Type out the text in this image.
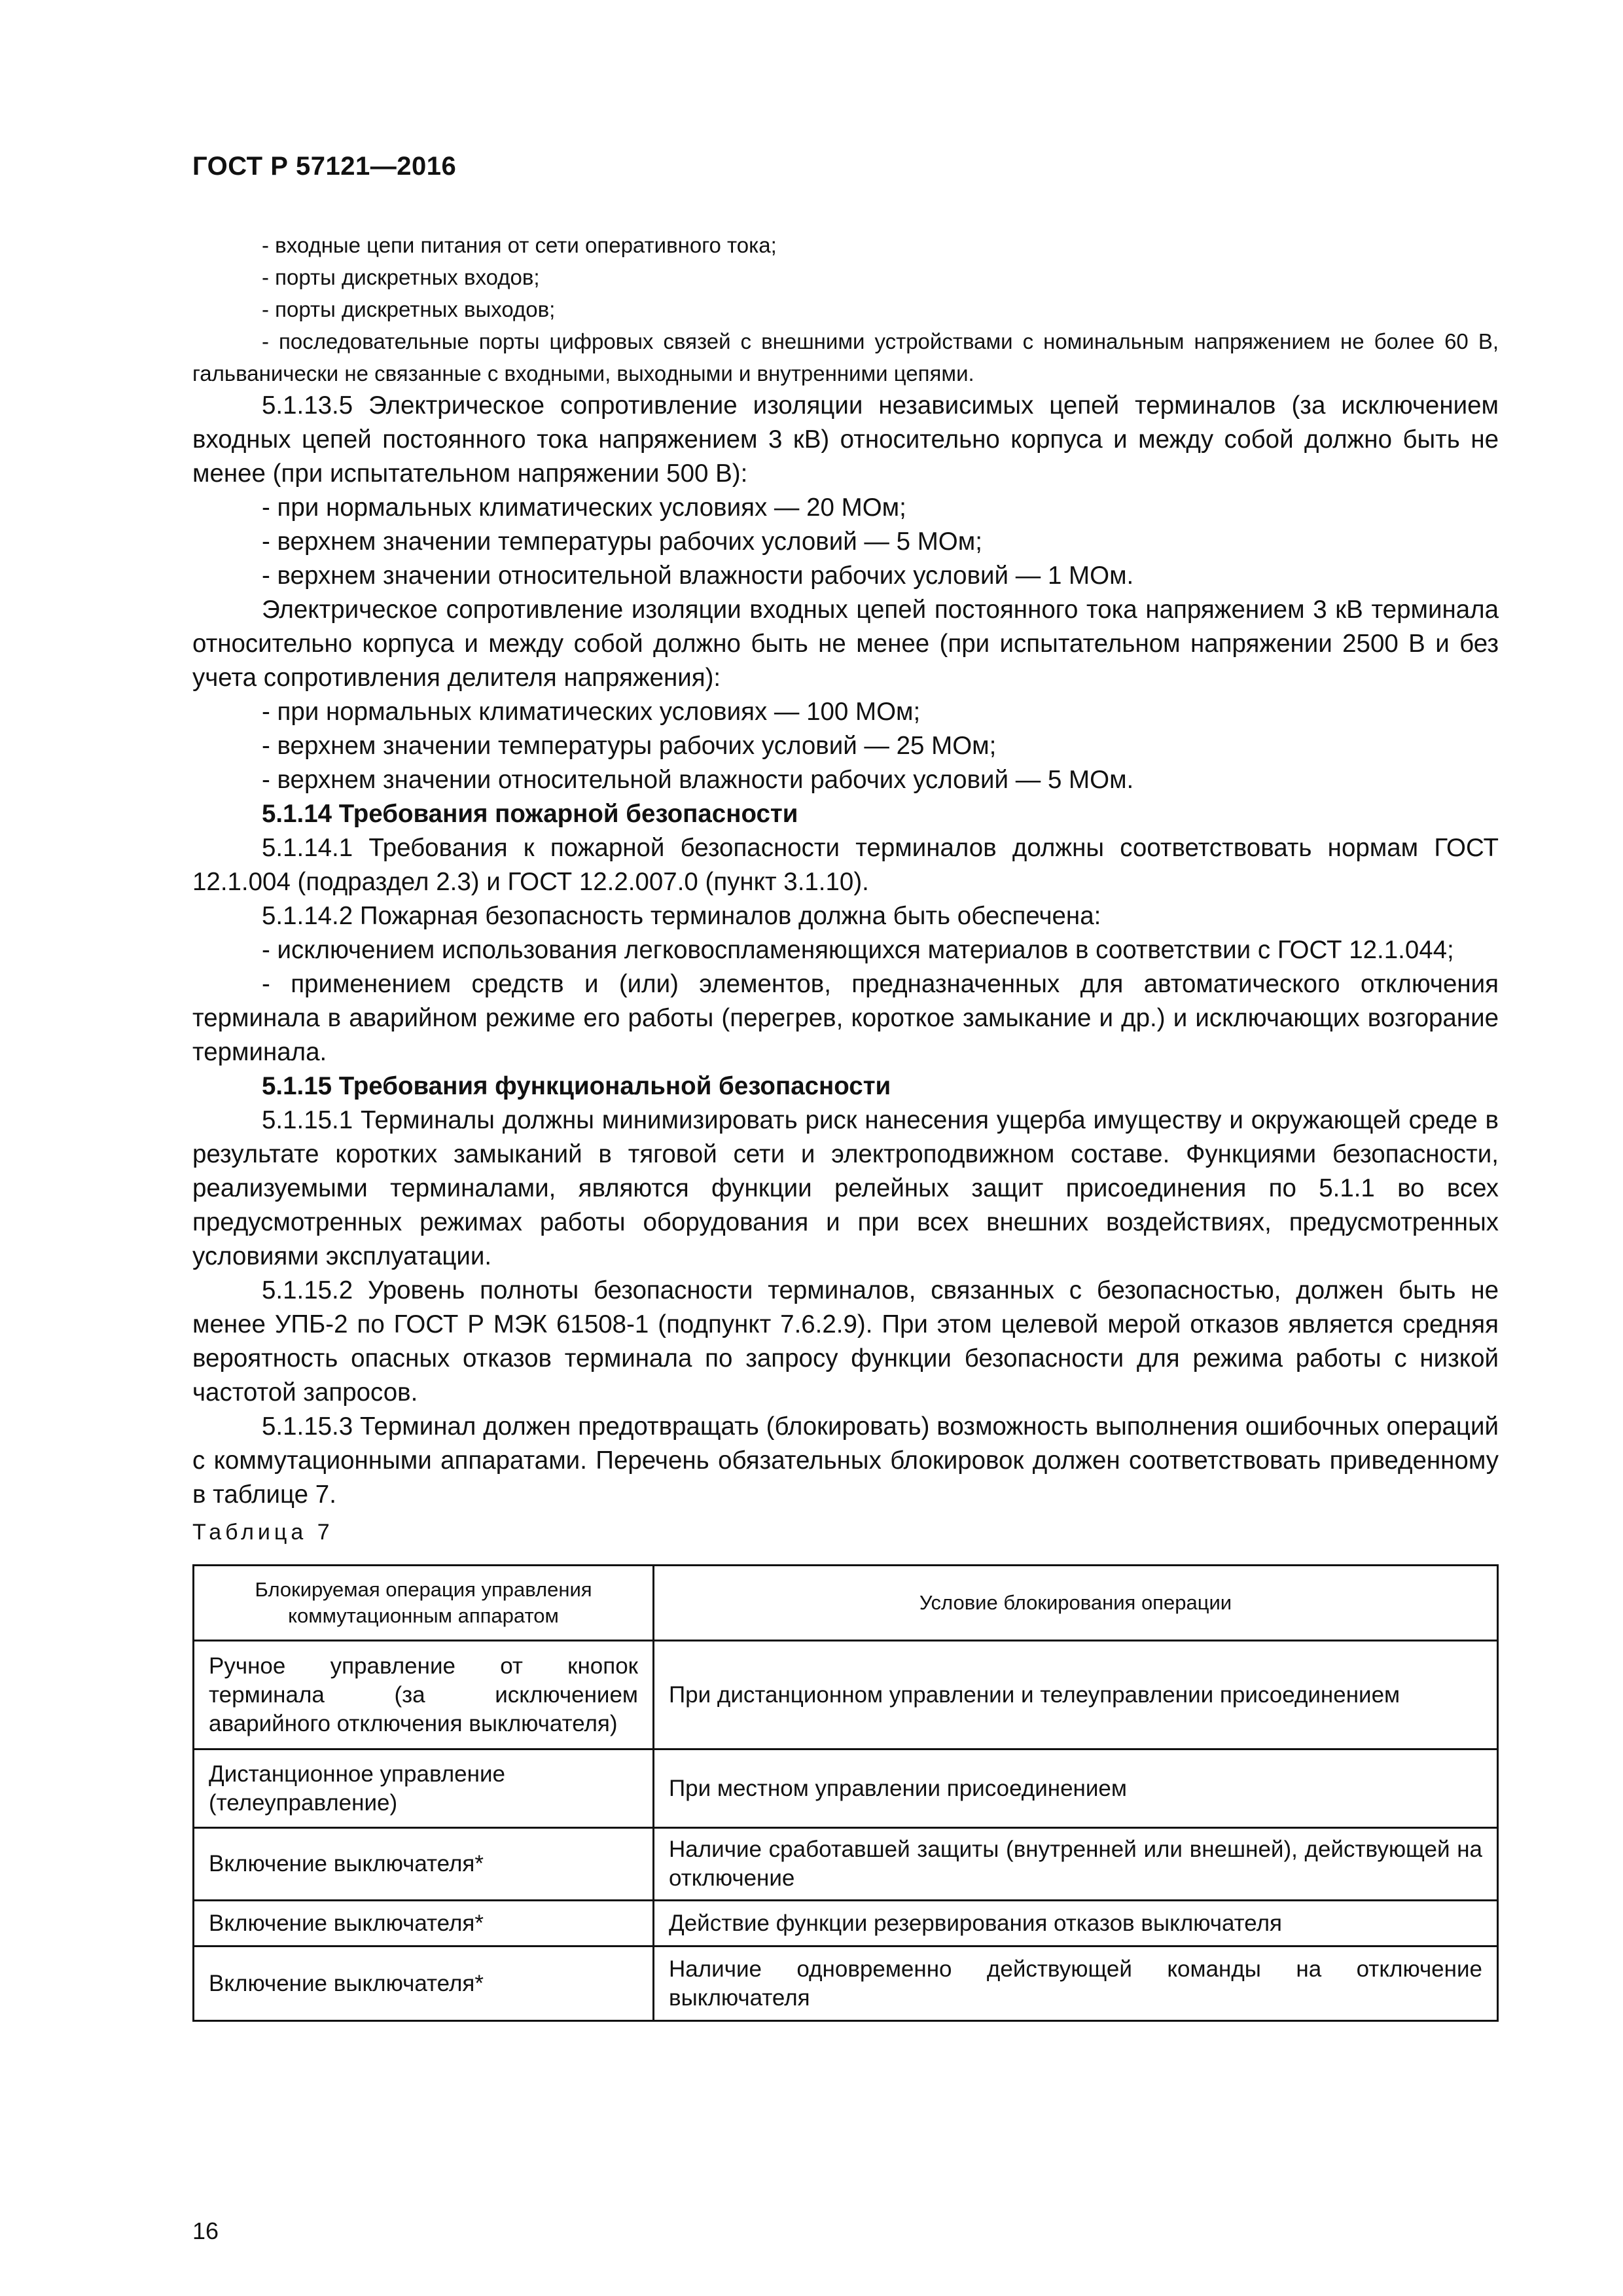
ГОСТ Р 57121—2016

- входные цепи питания от сети оперативного тока;

- порты дискретных входов;

- порты дискретных выходов;

- последовательные порты цифровых связей с внешними устройствами с номинальным напряжением не более 60 В, гальванически не связанные с входными, выходными и внутренними цепями.

5.1.13.5 Электрическое сопротивление изоляции независимых цепей терминалов (за исключением входных цепей постоянного тока напряжением 3 кВ) относительно корпуса и между собой должно быть не менее (при испытательном напряжении 500 В):

- при нормальных климатических условиях — 20 МОм;

- верхнем значении температуры рабочих условий — 5 МОм;

- верхнем значении относительной влажности рабочих условий — 1 МОм.

Электрическое сопротивление изоляции входных цепей постоянного тока напряжением 3 кВ терминала относительно корпуса и между собой должно быть не менее (при испытательном напряжении 2500 В и без учета сопротивления делителя напряжения):

- при нормальных климатических условиях — 100 МОм;

- верхнем значении температуры рабочих условий — 25 МОм;

- верхнем значении относительной влажности рабочих условий — 5 МОм.

5.1.14 Требования пожарной безопасности

5.1.14.1 Требования к пожарной безопасности терминалов должны соответствовать нормам ГОСТ 12.1.004 (подраздел 2.3) и ГОСТ 12.2.007.0 (пункт 3.1.10).

5.1.14.2 Пожарная безопасность терминалов должна быть обеспечена:

- исключением использования легковоспламеняющихся материалов в соответствии с ГОСТ 12.1.044;

- применением средств и (или) элементов, предназначенных для автоматического отключения терминала в аварийном режиме его работы (перегрев, короткое замыкание и др.) и исключающих возгорание терминала.

5.1.15 Требования функциональной безопасности

5.1.15.1 Терминалы должны минимизировать риск нанесения ущерба имуществу и окружающей среде в результате коротких замыканий в тяговой сети и электроподвижном составе. Функциями безопасности, реализуемыми терминалами, являются функции релейных защит присоединения по 5.1.1 во всех предусмотренных режимах работы оборудования и при всех внешних воздействиях, предусмотренных условиями эксплуатации.

5.1.15.2 Уровень полноты безопасности терминалов, связанных с безопасностью, должен быть не менее УПБ-2 по ГОСТ Р МЭК 61508-1 (подпункт 7.6.2.9). При этом целевой мерой отказов является средняя вероятность опасных отказов терминала по запросу функции безопасности для режима работы с низкой частотой запросов.

5.1.15.3 Терминал должен предотвращать (блокировать) возможность выполнения ошибочных операций с коммутационными аппаратами. Перечень обязательных блокировок должен соответствовать приведенному в таблице 7.

Таблица 7
Блокируемая операция управления коммутационным аппаратом	Условие блокирования операции
Ручное управление от кнопок терминала (за исключением аварийного отключения выключателя)	При дистанционном управлении и телеуправлении присоединением
Дистанционное управление (телеуправление)	При местном управлении присоединением
Включение выключателя*	Наличие сработавшей защиты (внутренней или внешней), действующей на отключение
Включение выключателя*	Действие функции резервирования отказов выключателя
Включение выключателя*	Наличие одновременно действующей команды на отключение выключателя
16
